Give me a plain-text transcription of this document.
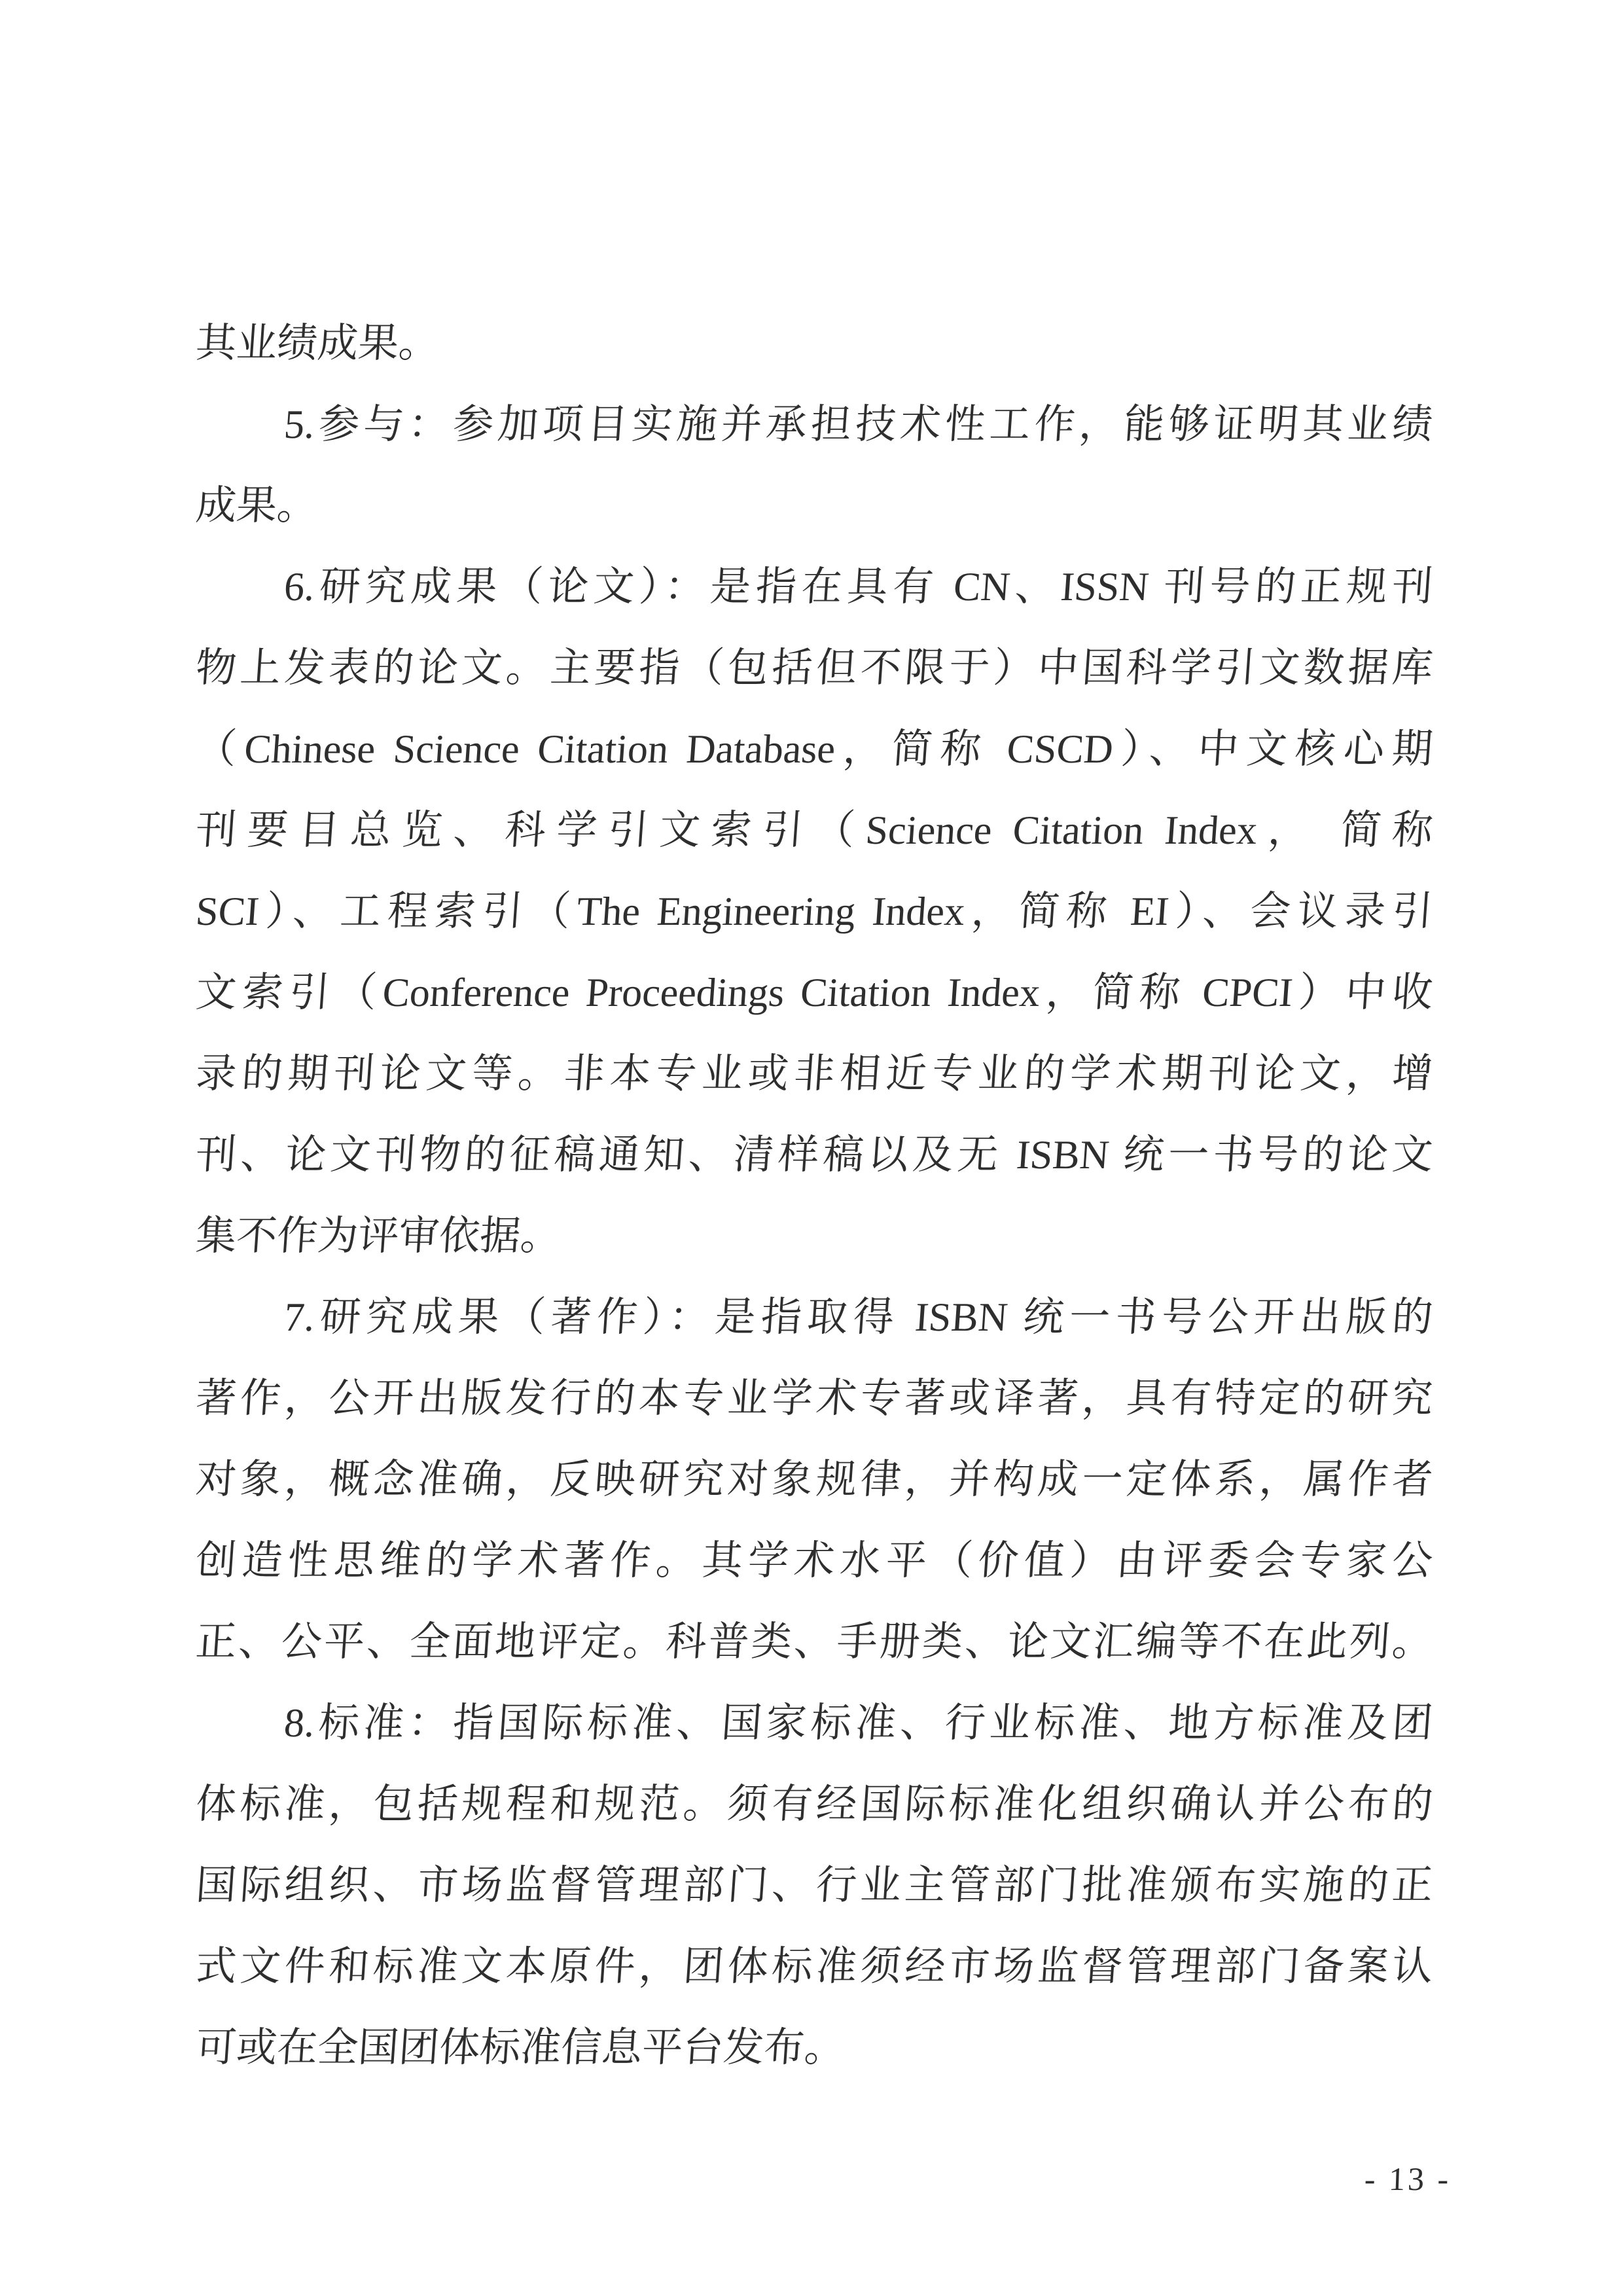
其业绩成果。
5.参与：参加项目实施并承担技术性工作，能够证明其业绩
成果。
6.研究成果（论文）：是指在具有 CN、ISSN 刊号的正规刊
物上发表的论文。主要指（包括但不限于）中国科学引文数据库
（Chinese Science Citation Database，简称 CSCD）、中文核心期
刊要目总览、科学引文索引（Science Citation Index， 简称
SCI）、工程索引（The Engineering Index，简称 EI）、会议录引
文索引（Conference Proceedings Citation Index，简称 CPCI）中收
录的期刊论文等。非本专业或非相近专业的学术期刊论文，增
刊、论文刊物的征稿通知、清样稿以及无 ISBN 统一书号的论文
集不作为评审依据。
7.研究成果（著作）：是指取得 ISBN 统一书号公开出版的
著作，公开出版发行的本专业学术专著或译著，具有特定的研究
对象，概念准确，反映研究对象规律，并构成一定体系，属作者
创造性思维的学术著作。其学术水平（价值）由评委会专家公
正、公平、全面地评定。科普类、手册类、论文汇编等不在此列。
8.标准：指国际标准、国家标准、行业标准、地方标准及团
体标准，包括规程和规范。须有经国际标准化组织确认并公布的
国际组织、市场监督管理部门、行业主管部门批准颁布实施的正
式文件和标准文本原件，团体标准须经市场监督管理部门备案认
可或在全国团体标准信息平台发布。
- 13 -
